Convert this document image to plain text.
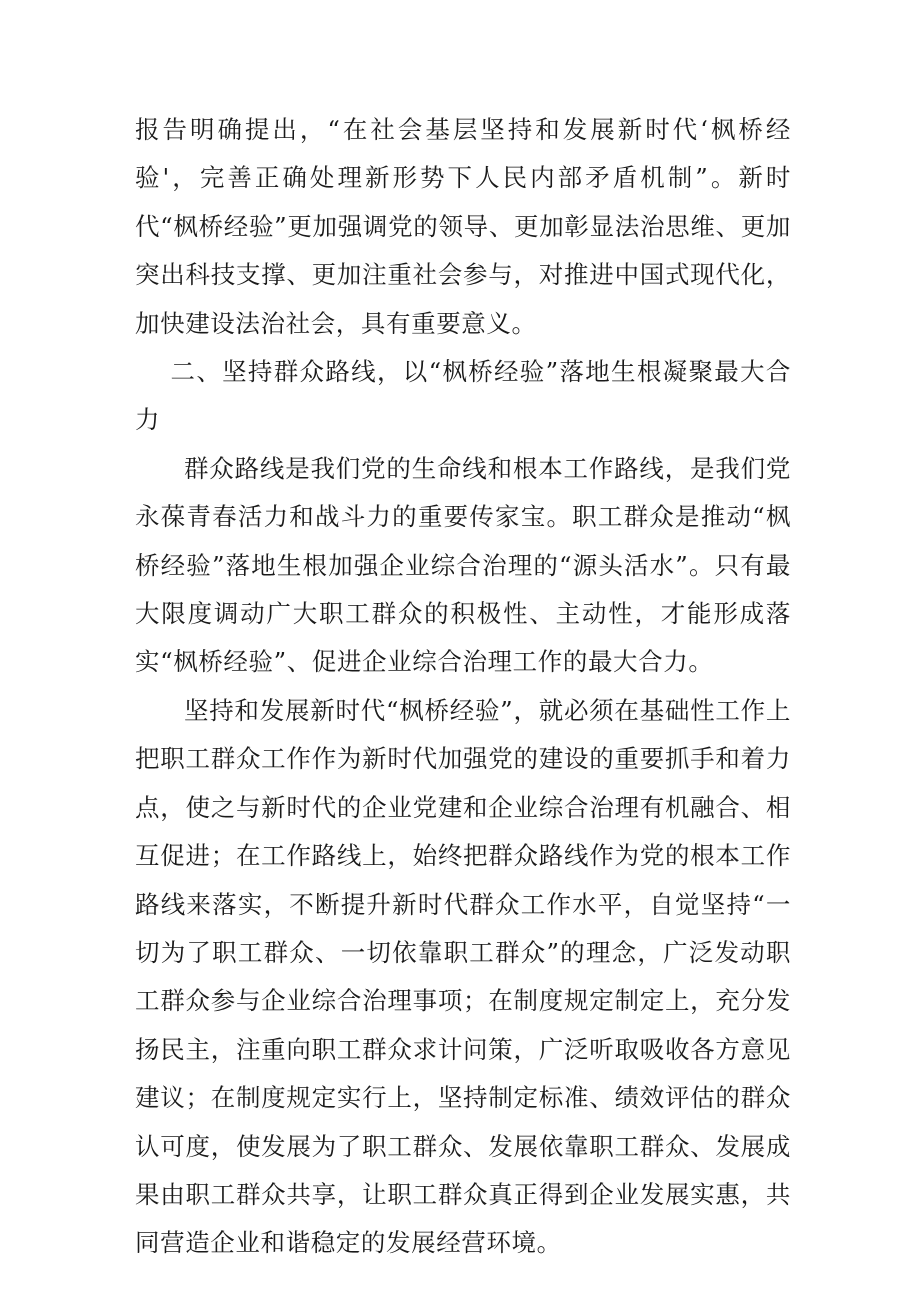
报告明确提出，“在社会基层坚持和发展新时代‘枫桥经验'，完善正确处理新形势下人民内部矛盾机制”。新时代“枫桥经验”更加强调党的领导、更加彰显法治思维、更加突出科技支撑、更加注重社会参与，对推进中国式现代化，加快建设法治社会，具有重要意义。

二、坚持群众路线，以“枫桥经验”落地生根凝聚最大合力

群众路线是我们党的生命线和根本工作路线，是我们党永葆青春活力和战斗力的重要传家宝。职工群众是推动“枫桥经验”落地生根加强企业综合治理的“源头活水”。只有最大限度调动广大职工群众的积极性、主动性，才能形成落实“枫桥经验”、促进企业综合治理工作的最大合力。

坚持和发展新时代“枫桥经验”，就必须在基础性工作上把职工群众工作作为新时代加强党的建设的重要抓手和着力点，使之与新时代的企业党建和企业综合治理有机融合、相互促进；在工作路线上，始终把群众路线作为党的根本工作路线来落实，不断提升新时代群众工作水平，自觉坚持“一切为了职工群众、一切依靠职工群众”的理念，广泛发动职工群众参与企业综合治理事项；在制度规定制定上，充分发扬民主，注重向职工群众求计问策，广泛听取吸收各方意见建议；在制度规定实行上，坚持制定标准、绩效评估的群众认可度，使发展为了职工群众、发展依靠职工群众、发展成果由职工群众共享，让职工群众真正得到企业发展实惠，共同营造企业和谐稳定的发展经营环境。
